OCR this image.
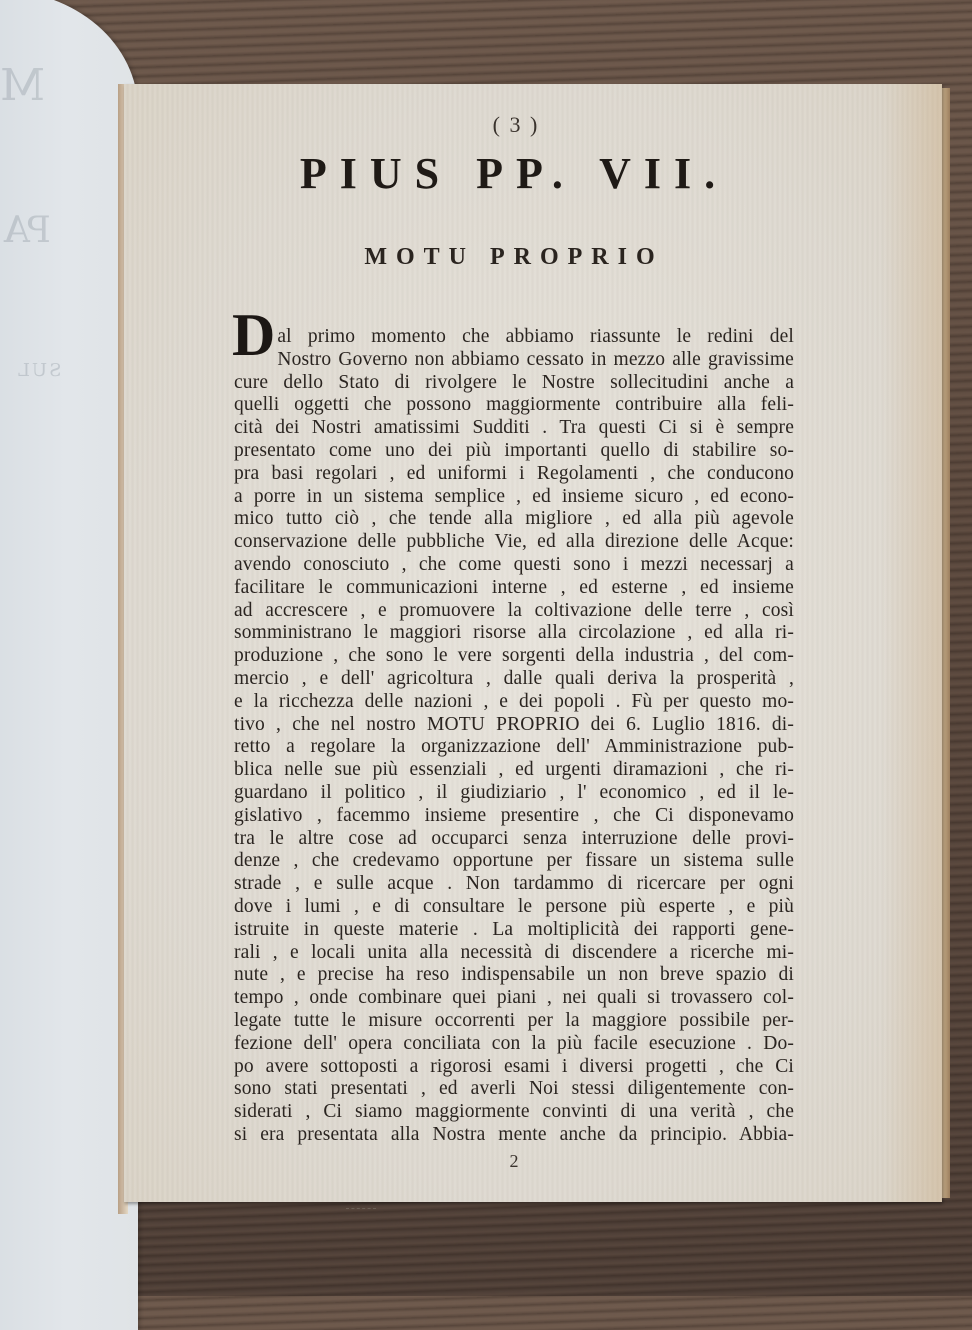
M
PA
SUL

( 3 )

PIUS PP. VII.
MOTU PROPRIO
D al primo momento che abbiamo riassunte le redini del
Nostro Governo non abbiamo cessato in mezzo alle gravissime
cure dello Stato di rivolgere le Nostre sollecitudini anche a
quelli oggetti che possono maggiormente contribuire alla feli-
cità dei Nostri amatissimi Sudditi . Tra questi Ci si è sempre
presentato come uno dei più importanti quello di stabilire so-
pra basi regolari , ed uniformi i Regolamenti , che conducono
a porre in un sistema semplice , ed insieme sicuro , ed econo-
mico tutto ciò , che tende alla migliore , ed alla più agevole
conservazione delle pubbliche Vie, ed alla direzione delle Acque:
avendo conosciuto , che come questi sono i mezzi necessarj a
facilitare le communicazioni interne , ed esterne , ed insieme
ad accrescere , e promuovere la coltivazione delle terre , così
somministrano le maggiori risorse alla circolazione , ed alla ri-
produzione , che sono le vere sorgenti della industria , del com-
mercio , e dell' agricoltura , dalle quali deriva la prosperità ,
e la ricchezza delle nazioni , e dei popoli . Fù per questo mo-
tivo , che nel nostro MOTU PROPRIO dei 6. Luglio 1816. di-
retto a regolare la organizzazione dell' Amministrazione pub-
blica nelle sue più essenziali , ed urgenti diramazioni , che ri-
guardano il politico , il giudiziario , l' economico , ed il le-
gislativo , facemmo insieme presentire , che Ci disponevamo
tra le altre cose ad occuparci senza interruzione delle provi-
denze , che credevamo opportune per fissare un sistema sulle
strade , e sulle acque . Non tardammo di ricercare per ogni
dove i lumi , e di consultare le persone più esperte , e più
istruite in queste materie . La moltiplicità dei rapporti gene-
rali , e locali unita alla necessità di discendere a ricerche mi-
nute , e precise ha reso indispensabile un non breve spazio di
tempo , onde combinare quei piani , nei quali si trovassero col-
legate tutte le misure occorrenti per la maggiore possibile per-
fezione dell' opera conciliata con la più facile esecuzione . Do-
po avere sottoposti a rigorosi esami i diversi progetti , che Ci
sono stati presentati , ed averli Noi stessi diligentemente con-
siderati , Ci siamo maggiormente convinti di una verità , che
si era presentata alla Nostra mente anche da principio. Abbia-
2
